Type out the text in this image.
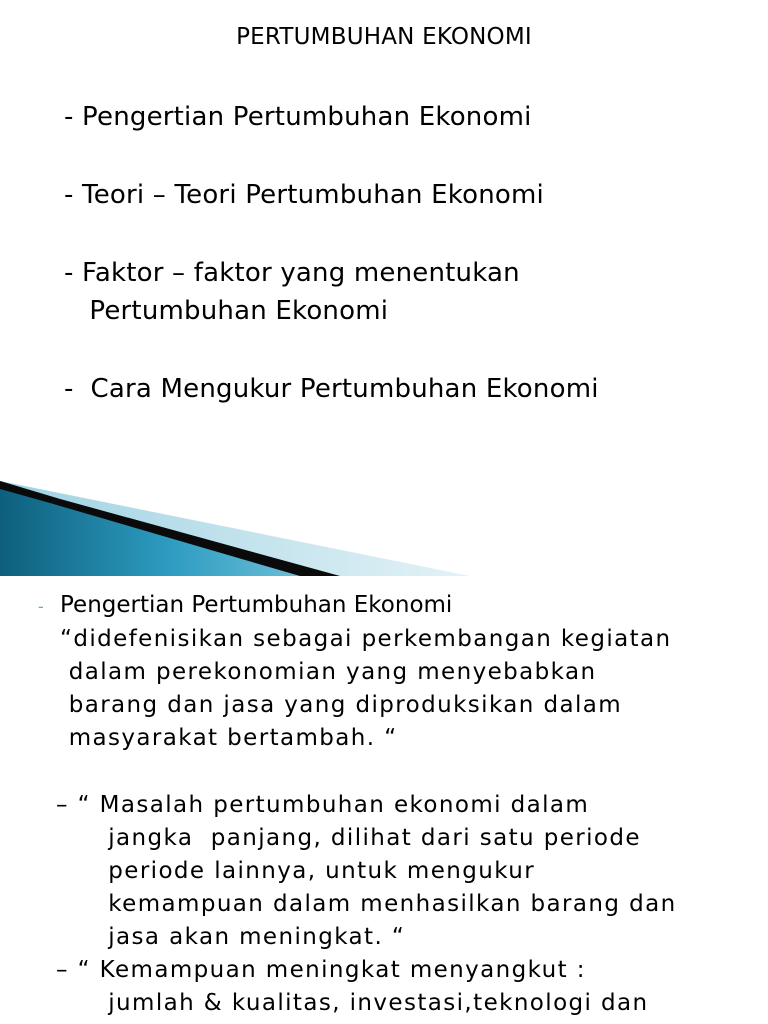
PERTUMBUHAN EKONOMI
- Pengertian Pertumbuhan Ekonomi
- Teori – Teori Pertumbuhan Ekonomi
- Faktor – faktor yang menentukan
Pertumbuhan Ekonomi
-  Cara Mengukur Pertumbuhan Ekonomi
- Pengertian Pertumbuhan Ekonomi
“didefenisikan sebagai perkembangan kegiatan
dalam perekonomian yang menyebabkan
barang dan jasa yang diproduksikan dalam
masyarakat bertambah. “
– “ Masalah pertumbuhan ekonomi dalam
jangka  panjang, dilihat dari satu periode
periode lainnya, untuk mengukur
kemampuan dalam menhasilkan barang dan
jasa akan meningkat. “
– “ Kemampuan meningkat menyangkut :
jumlah & kualitas, investasi,teknologi dan
